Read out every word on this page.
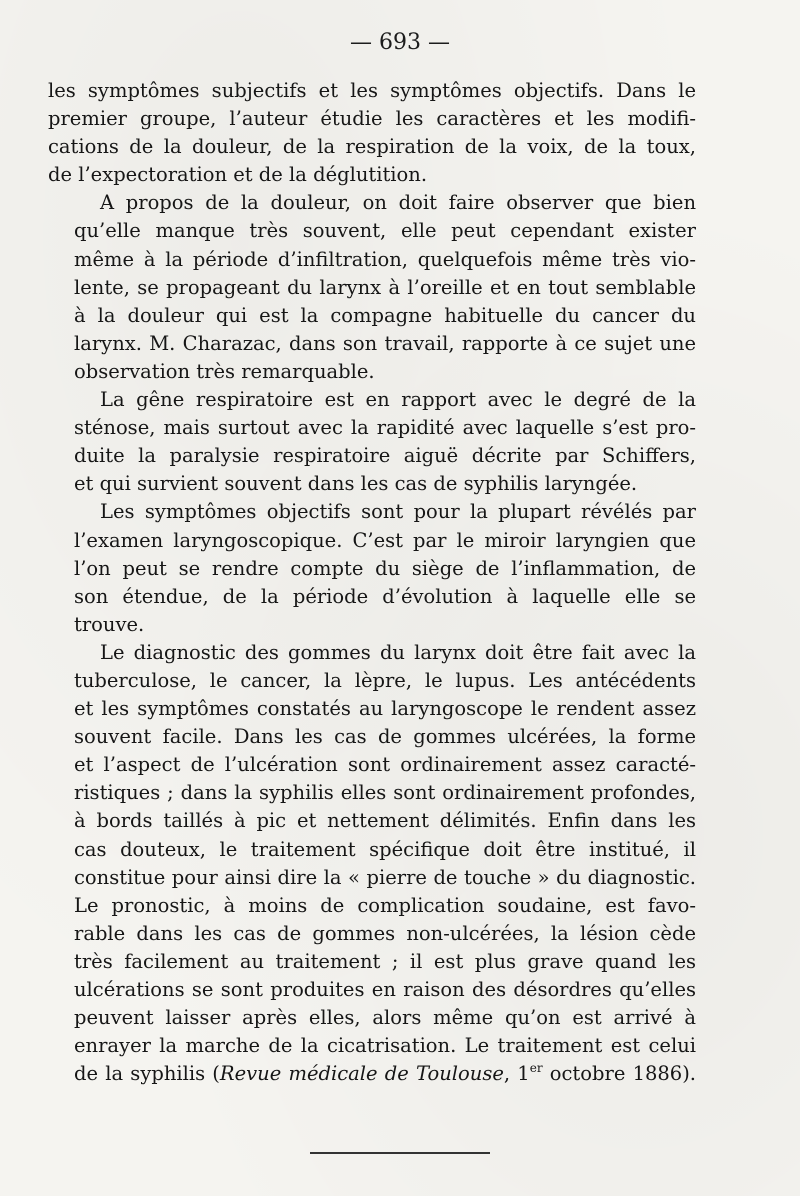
— 693 —

les symptômes subjectifs et les symptômes objectifs. Dans le
premier groupe, l’auteur étudie les caractères et les modifi-
cations de la douleur, de la respiration de la voix, de la toux,
de l’expectoration et de la déglutition.

A propos de la douleur, on doit faire observer que bien
qu’elle manque très souvent, elle peut cependant exister
même à la période d’infiltration, quelquefois même très vio-
lente, se propageant du larynx à l’oreille et en tout semblable
à la douleur qui est la compagne habituelle du cancer du
larynx. M. Charazac, dans son travail, rapporte à ce sujet une
observation très remarquable.

La gêne respiratoire est en rapport avec le degré de la
sténose, mais surtout avec la rapidité avec laquelle s’est pro-
duite la paralysie respiratoire aiguë décrite par Schiffers,
et qui survient souvent dans les cas de syphilis laryngée.

Les symptômes objectifs sont pour la plupart révélés par
l’examen laryngoscopique. C’est par le miroir laryngien que
l’on peut se rendre compte du siège de l’inflammation, de
son étendue, de la période d’évolution à laquelle elle se
trouve.

Le diagnostic des gommes du larynx doit être fait avec la
tuberculose, le cancer, la lèpre, le lupus. Les antécédents
et les symptômes constatés au laryngoscope le rendent assez
souvent facile. Dans les cas de gommes ulcérées, la forme
et l’aspect de l’ulcération sont ordinairement assez caracté-
ristiques ; dans la syphilis elles sont ordinairement profondes,
à bords taillés à pic et nettement délimités. Enfin dans les
cas douteux, le traitement spécifique doit être institué, il
constitue pour ainsi dire la « pierre de touche » du diagnostic.
Le pronostic, à moins de complication soudaine, est favo-
rable dans les cas de gommes non-ulcérées, la lésion cède
très facilement au traitement ; il est plus grave quand les
ulcérations se sont produites en raison des désordres qu’elles
peuvent laisser après elles, alors même qu’on est arrivé à
enrayer la marche de la cicatrisation. Le traitement est celui
de la syphilis (Revue médicale de Toulouse, 1er octobre 1886).
